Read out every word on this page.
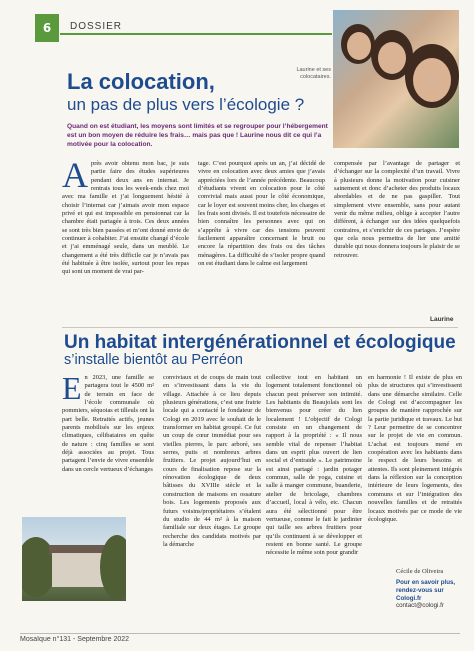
6	DOSSIER
Laurine et ses colocataires.
La colocation,
un pas de plus vers l’écologie ?
Quand on est étudiant, les moyens sont limités et se regrouper pour l’hébergement est un bon moyen de réduire les frais… mais pas que ! Laurine nous dit ce qui l’a motivée pour la colocation.
Après avoir obtenu mon bac, je suis partie faire des études supérieures pendant deux ans en internat. Je rentrais tous les week-ends chez moi avec ma famille et j’ai longuement hésité à choisir l’internat car j’aimais avoir mon espace privé et qui est impossible en pensionnat car la chambre était partagée à trois. Ces deux années se sont très bien passées et m’ont donné envie de continuer à cohabiter. J’ai ensuite changé d’école et j’ai emménagé seule, dans un meublé. Le changement a été très difficile car je n’avais pas été habituée à être isolée, surtout pour les repas qui sont un moment de vrai par-
tage. C’est pourquoi après un an, j’ai décidé de vivre en colocation avec deux amies que j’avais appréciées lors de l’année précédente. Beaucoup d’étudiants vivent en colocation pour le côté convivial mais aussi pour le côté économique, car le loyer est souvent moins cher, les charges et les frais sont divisés. Il est toutefois nécessaire de bien connaître les personnes avec qui on s’apprête à vivre car des tensions peuvent facilement apparaître concernant le bruit ou encore la répartition des frais ou des tâches ménagères. La difficulté de s’isoler propre quand on est étudiant dans le calme est largement
compensée par l’avantage de partager et d’échanger sur la complexité d’un travail. Vivre à plusieurs donne la motivation pour cuisiner sainement et donc d’acheter des produits locaux abordables et de ne pas gaspiller. Tout simplement vivre ensemble, sans pour autant venir du même milieu, oblige à accepter l’autre différent, à échanger sur des idées quelquefois contraires, et s’enrichir de ces partages. J’espère que cela nous permettra de lier une amitié durable qui nous donnera toujours le plaisir de se retrouver.
Laurine
Un habitat intergénérationnel et écologique
s’installe bientôt au Perréon
En 2023, une famille se partagera tout le 4500 m² de terrain en face de l’école communale où pommiers, séquoias et tilleuls ont la part belle. Retraités actifs, jeunes parents mobilisés sur les enjeux climatiques, célibataires en quête de nature : cinq familles se sont déjà associées au projet. Tous partagent l’envie de vivre ensemble dans un cercle vertueux d’échanges
conviviaux et de coups de main tout en s’investissant dans la vie du village. Attachée à ce lieu depuis plusieurs générations, c’est une fratrie locale qui a contacté le fondateur de Cologi en 2019 avec le souhait de le transformer en habitat groupé. Ce fut un coup de cœur immédiat pour ses vieilles pierres, le parc arboré, ses serres, puits et nombreux arbres fruitiers. Le projet aujourd’hui en cours de finalisation repose sur la rénovation écologique de deux bâtisses du XVIIIe siècle et la construction de maisons en ossature bois. Les logements proposés aux futurs voisins/propriétaires s’étalent du studio de 44 m² à la maison familiale sur deux étages. Le groupe recherche des candidats motivés par la démarche
collective tout en habitant un logement totalement fonctionnel où chacun peut préserver son intimité. Les habitants du Beaujolais sont les bienvenus pour créer du lien localement ! L’objectif de Cologi consiste en un changement de rapport à la propriété : « Il nous semble vital de repenser l’habitat dans un esprit plus ouvert de lien social et d’entraide ». Le patrimoine est ainsi partagé : jardin potager commun, salle de yoga, cuisine et salle à manger commune, buanderie, atelier de bricolage, chambres d’accueil, local à vélo, etc. Chacun aura été sélectionné pour être vertueuse, comme le fait le jardinier qui taille ses arbres fruitiers pour qu’ils continuent à se développer et restent en bonne santé. Le groupe nécessite le même soin pour grandir
en harmonie ! Il existe de plus en plus de structures qui s’investissent dans une démarche similaire. Celle de Cologi est d’accompagner les groupes de manière rapprochée sur la partie juridique et travaux. Le but ? Leur permettre de se concentrer sur le projet de vie en commun. L’achat est toujours mené en coopération avec les habitants dans le respect de leurs besoins et attentes. Ils sont pleinement intégrés dans la réflexion sur la conception intérieure de leurs logements, des communs et sur l’intégration des nouvelles familles et de retraités locaux motivés par ce mode de vie écologique.
Cécile de Oliveira
Pour en savoir plus,
rendez-vous sur Cologi.fr
contact@cologi.fr
Mosaïque n°131 - Septembre 2022
